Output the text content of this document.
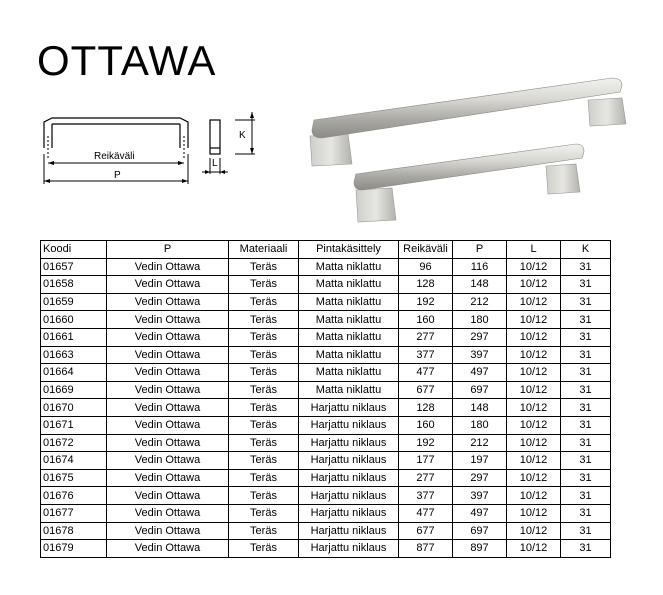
OTTAWA
Reikäväli
P
L
K
Koodi	P	Materiaali	Pintakäsittely	Reikäväli	P	L	K
01657	Vedin Ottawa	Teräs	Matta niklattu	96	116	10/12	31
01658	Vedin Ottawa	Teräs	Matta niklattu	128	148	10/12	31
01659	Vedin Ottawa	Teräs	Matta niklattu	192	212	10/12	31
01660	Vedin Ottawa	Teräs	Matta niklattu	160	180	10/12	31
01661	Vedin Ottawa	Teräs	Matta niklattu	277	297	10/12	31
01663	Vedin Ottawa	Teräs	Matta niklattu	377	397	10/12	31
01664	Vedin Ottawa	Teräs	Matta niklattu	477	497	10/12	31
01669	Vedin Ottawa	Teräs	Matta niklattu	677	697	10/12	31
01670	Vedin Ottawa	Teräs	Harjattu niklaus	128	148	10/12	31
01671	Vedin Ottawa	Teräs	Harjattu niklaus	160	180	10/12	31
01672	Vedin Ottawa	Teräs	Harjattu niklaus	192	212	10/12	31
01674	Vedin Ottawa	Teräs	Harjattu niklaus	177	197	10/12	31
01675	Vedin Ottawa	Teräs	Harjattu niklaus	277	297	10/12	31
01676	Vedin Ottawa	Teräs	Harjattu niklaus	377	397	10/12	31
01677	Vedin Ottawa	Teräs	Harjattu niklaus	477	497	10/12	31
01678	Vedin Ottawa	Teräs	Harjattu niklaus	677	697	10/12	31
01679	Vedin Ottawa	Teräs	Harjattu niklaus	877	897	10/12	31
